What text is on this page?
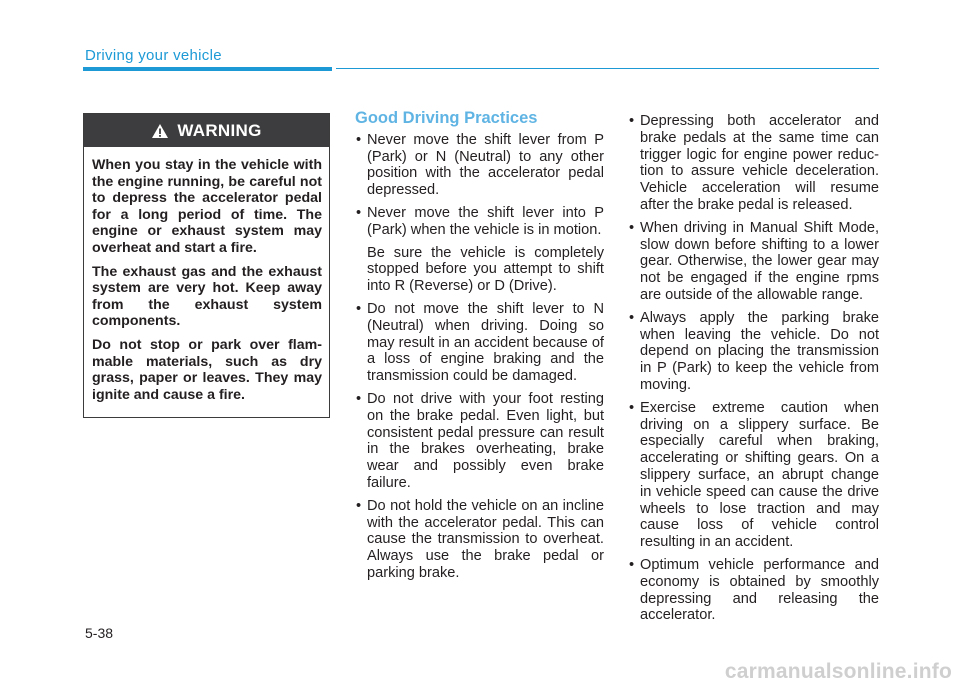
Driving your vehicle
WARNING

When you stay in the vehicle with the engine running, be careful not to depress the accelerator pedal for a long period of time. The engine or exhaust system may overheat and start a fire.

The exhaust gas and the exhaust system are very hot. Keep away from the exhaust system components.

Do not stop or park over flammable materials, such as dry grass, paper or leaves. They may ignite and cause a fire.

Good Driving Practices
• Never move the shift lever from P (Park) or N (Neutral) to any other position with the accelerator pedal depressed.

• Never move the shift lever into P (Park) when the vehicle is in motion.

Be sure the vehicle is completely stopped before you attempt to shift into R (Reverse) or D (Drive).

• Do not move the shift lever to N (Neutral) when driving. Doing so may result in an accident because of a loss of engine braking and the transmission could be damaged.

• Do not drive with your foot resting on the brake pedal. Even light, but consistent pedal pressure can result in the brakes overheating, brake wear and possibly even brake failure.

• Do not hold the vehicle on an incline with the accelerator pedal. This can cause the transmission to overheat. Always use the brake pedal or parking brake.

• Depressing both accelerator and brake pedals at the same time can trigger logic for engine power reduction to assure vehicle deceleration. Vehicle acceleration will resume after the brake pedal is released.

• When driving in Manual Shift Mode, slow down before shifting to a lower gear. Otherwise, the lower gear may not be engaged if the engine rpms are outside of the allowable range.

• Always apply the parking brake when leaving the vehicle. Do not depend on placing the transmission in P (Park) to keep the vehicle from moving.

• Exercise extreme caution when driving on a slippery surface. Be especially careful when braking, accelerating or shifting gears. On a slippery surface, an abrupt change in vehicle speed can cause the drive wheels to lose traction and may cause loss of vehicle control resulting in an accident.

• Optimum vehicle performance and economy is obtained by smoothly depressing and releasing the accelerator.

5-38
carmanualsonline.info
